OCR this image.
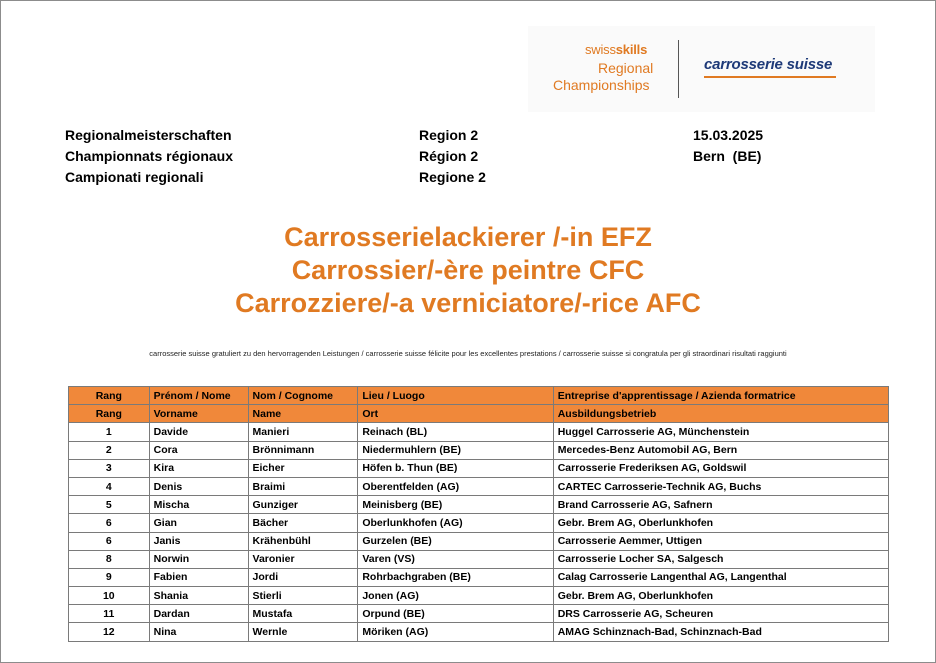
swissskills
Regional
Championships
carrosserie suisse
Regionalmeisterschaften
Championnats régionaux
Campionati regionali
Region 2
Région 2
Regione 2
15.03.2025
Bern  (BE)
Carrosserielackierer /-in EFZ
Carrossier/-ère peintre CFC
Carrozziere/-a verniciatore/-rice AFC
carrosserie suisse gratuliert zu den hervorragenden Leistungen / carrosserie suisse félicite pour les excellentes prestations / carrosserie suisse si congratula per gli straordinari risultati raggiunti
Rang	Prénom / Nome	Nom / Cognome	Lieu / Luogo	Entreprise d'apprentissage / Azienda formatrice
Rang	Vorname	Name	Ort	Ausbildungsbetrieb
1	Davide	Manieri	Reinach (BL)	Huggel Carrosserie AG, Münchenstein
2	Cora	Brönnimann	Niedermuhlern (BE)	Mercedes-Benz Automobil AG, Bern
3	Kira	Eicher	Höfen b. Thun (BE)	Carrosserie Frederiksen AG, Goldswil
4	Denis	Braimi	Oberentfelden (AG)	CARTEC Carrosserie-Technik AG, Buchs
5	Mischa	Gunziger	Meinisberg (BE)	Brand Carrosserie AG, Safnern
6	Gian	Bächer	Oberlunkhofen (AG)	Gebr. Brem AG, Oberlunkhofen
6	Janis	Krähenbühl	Gurzelen (BE)	Carrosserie Aemmer, Uttigen
8	Norwin	Varonier	Varen (VS)	Carrosserie Locher SA, Salgesch
9	Fabien	Jordi	Rohrbachgraben (BE)	Calag Carrosserie Langenthal AG, Langenthal
10	Shania	Stierli	Jonen (AG)	Gebr. Brem AG, Oberlunkhofen
11	Dardan	Mustafa	Orpund (BE)	DRS Carrosserie AG, Scheuren
12	Nina	Wernle	Möriken (AG)	AMAG Schinznach-Bad, Schinznach-Bad
